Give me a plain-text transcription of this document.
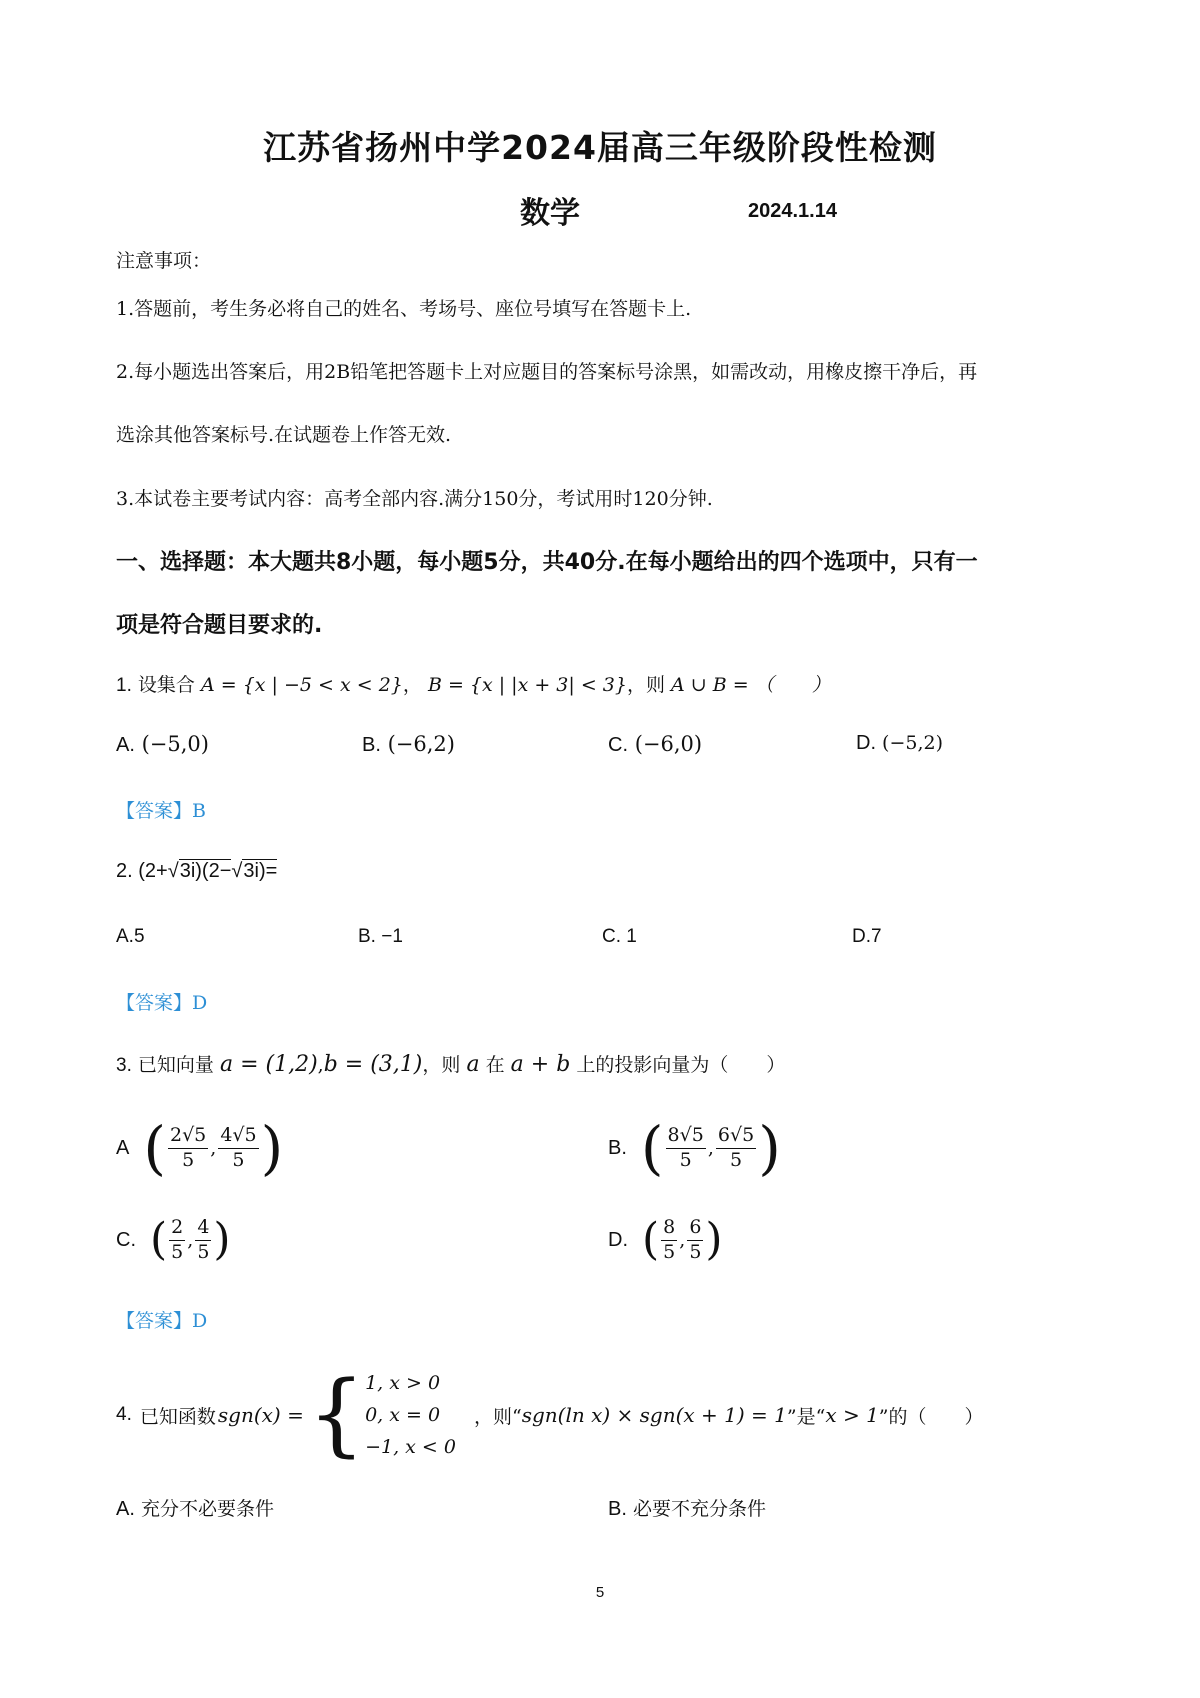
江苏省扬州中学2024届高三年级阶段性检测
数学	2024.1.14
注意事项：
1.答题前，考生务必将自己的姓名、考场号、座位号填写在答题卡上.
2.每小题选出答案后，用2B铅笔把答题卡上对应题目的答案标号涂黑，如需改动，用橡皮擦干净后，再
选涂其他答案标号.在试题卷上作答无效.
3.本试卷主要考试内容：高考全部内容.满分150分，考试用时120分钟.
一、选择题：本大题共8小题，每小题5分，共40分.在每小题给出的四个选项中，只有一
项是符合题目要求的.
1. 设集合 A = {x | −5 < x < 2}， B = {x | |x + 3| < 3}，则 A ∪ B = （　　）
A. (−5,0)	B. (−6,2)	C. (−6,0)	D. (−5,2)
【答案】B
2. (2+√3i)(2−√3i)=
A.5	B. −1	C. 1	D.7
【答案】D
3. 已知向量 a = (1,2),b = (3,1)，则 a 在 a + b 上的投影向量为（　　）
A ( $\frac{2√5}{5}$ , $\frac{4√5}{5}$ )	B. ( $\frac{8√5}{5}$ , $\frac{6√5}{5}$ )
C. ( $\frac{2}{5}$ , $\frac{4}{5}$ )	D. ( $\frac{8}{5}$ , $\frac{6}{5}$ )
【答案】D
4. 已知函数 sgn(x) = { 1, x > 0
0, x = 0
−1, x < 0
，则“ sgn(ln x) × sgn(x + 1) = 1 ”是“ x > 1 ”的（　　）
A. 充分不必要条件	B. 必要不充分条件
5
